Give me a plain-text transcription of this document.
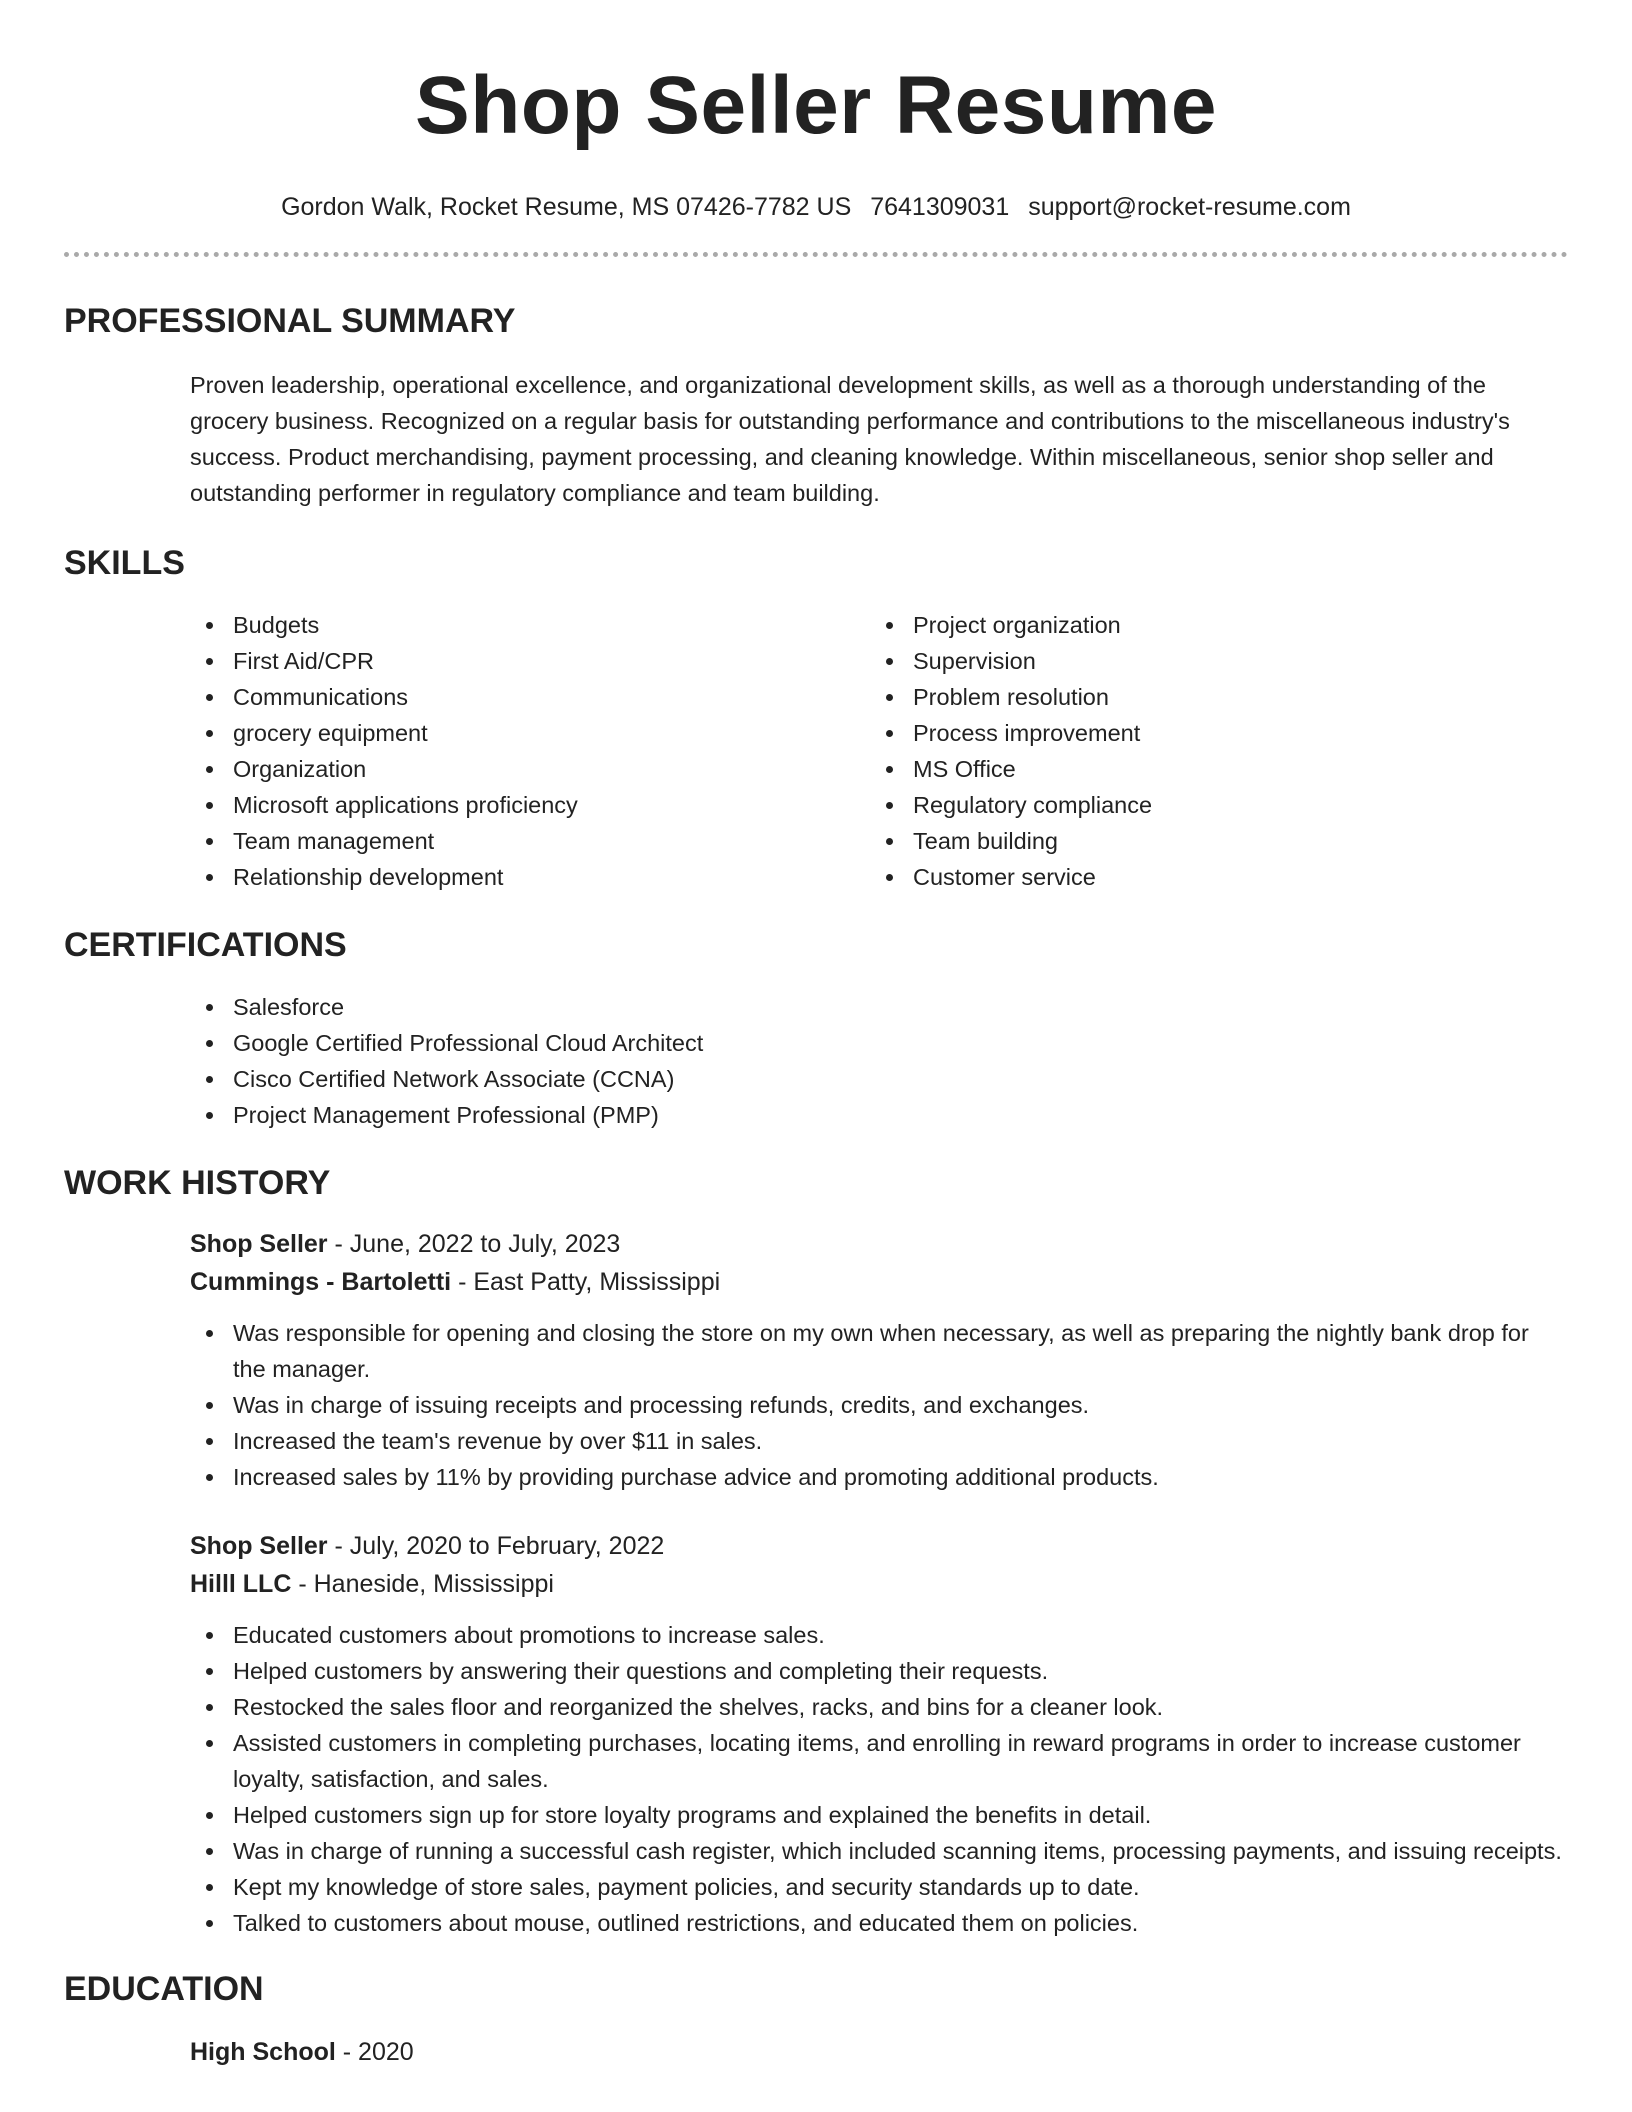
Shop Seller Resume
Gordon Walk, Rocket Resume, MS 07426-7782 US 7641309031 support@rocket-resume.com
PROFESSIONAL SUMMARY
Proven leadership, operational excellence, and organizational development skills, as well as a thorough understanding of the grocery business. Recognized on a regular basis for outstanding performance and contributions to the miscellaneous industry's success. Product merchandising, payment processing, and cleaning knowledge. Within miscellaneous, senior shop seller and outstanding performer in regulatory compliance and team building.
SKILLS
Budgets
First Aid/CPR
Communications
grocery equipment
Organization
Microsoft applications proficiency
Team management
Relationship development
Project organization
Supervision
Problem resolution
Process improvement
MS Office
Regulatory compliance
Team building
Customer service
CERTIFICATIONS
Salesforce
Google Certified Professional Cloud Architect
Cisco Certified Network Associate (CCNA)
Project Management Professional (PMP)
WORK HISTORY
Shop Seller - June, 2022 to July, 2023
Cummings - Bartoletti - East Patty, Mississippi
Was responsible for opening and closing the store on my own when necessary, as well as preparing the nightly bank drop for the manager.
Was in charge of issuing receipts and processing refunds, credits, and exchanges.
Increased the team's revenue by over $11 in sales.
Increased sales by 11% by providing purchase advice and promoting additional products.
Shop Seller - July, 2020 to February, 2022
Hilll LLC - Haneside, Mississippi
Educated customers about promotions to increase sales.
Helped customers by answering their questions and completing their requests.
Restocked the sales floor and reorganized the shelves, racks, and bins for a cleaner look.
Assisted customers in completing purchases, locating items, and enrolling in reward programs in order to increase customer loyalty, satisfaction, and sales.
Helped customers sign up for store loyalty programs and explained the benefits in detail.
Was in charge of running a successful cash register, which included scanning items, processing payments, and issuing receipts.
Kept my knowledge of store sales, payment policies, and security standards up to date.
Talked to customers about mouse, outlined restrictions, and educated them on policies.
EDUCATION
High School - 2020
